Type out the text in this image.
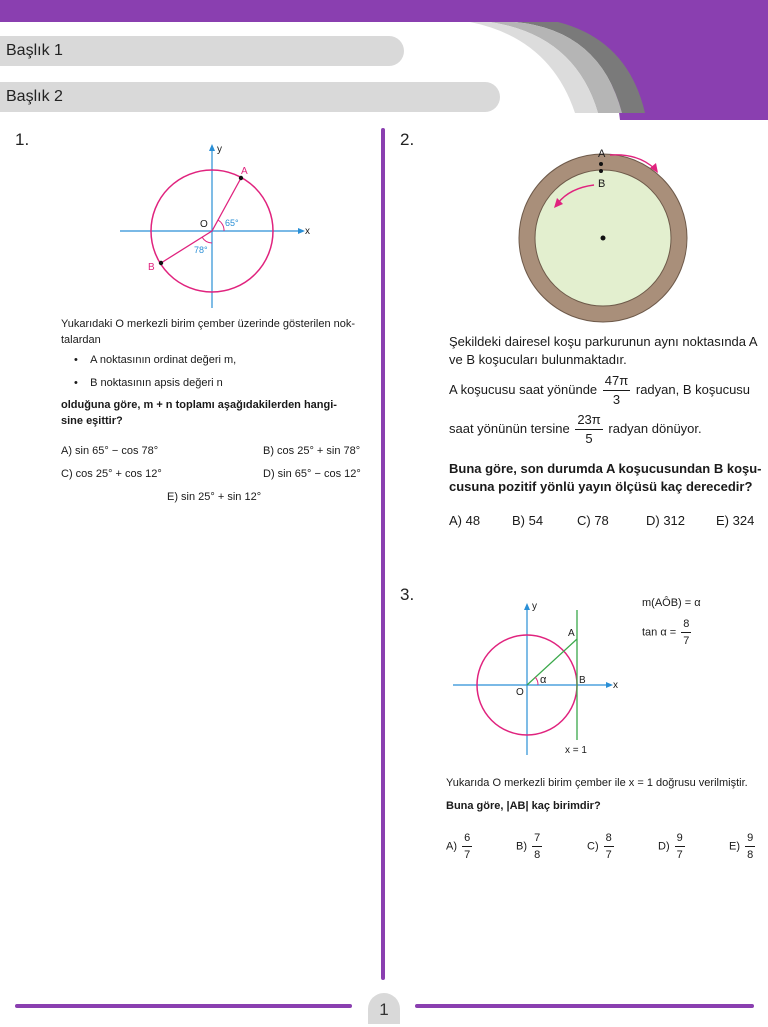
Başlık 1
Başlık 2
1.
y
x
O
A
B
65°
78°
Yukarıdaki O merkezli birim çember üzerinde gösterilen nok-
talardan
•    A noktasının ordinat değeri m,
•    B noktasının apsis değeri n
olduğuna göre, m + n toplamı aşağıdakilerden hangi-
sine eşittir?
A) sin 65° − cos 78°	B) cos 25° + sin 78°
C) cos 25° + cos 12°	D) sin 65° − cos 12°
E) sin 25° + sin 12°
2.
A
B
Şekildeki dairesel koşu parkurunun aynı noktasında A
ve B koşucuları bulunmaktadır.
A koşucusu saat yönünde $\frac{47\pi}{3}$ radyan, B koşucusu
saat yönünün tersine $\frac{23\pi}{5}$ radyan dönüyor.
Buna göre, son durumda A koşucusundan B koşu-
cusuna pozitif yönlü yayın ölçüsü kaç derecedir?
A) 48 B) 54	C) 78	D) 312 E) 324
3.
y
x
O
A
B
α
x = 1
m(AÔB) = α
$\tan \alpha = \frac{8}{7}$
Yukarıda O merkezli birim çember ile x = 1 doğrusu verilmiştir.
Buna göre, |AB| kaç birimdir?
$A) \frac{6}{7}$	$B) \frac{7}{8}$	$C) \frac{8}{7}$	$D) \frac{9}{7}$	$E) \frac{9}{8}$
1
